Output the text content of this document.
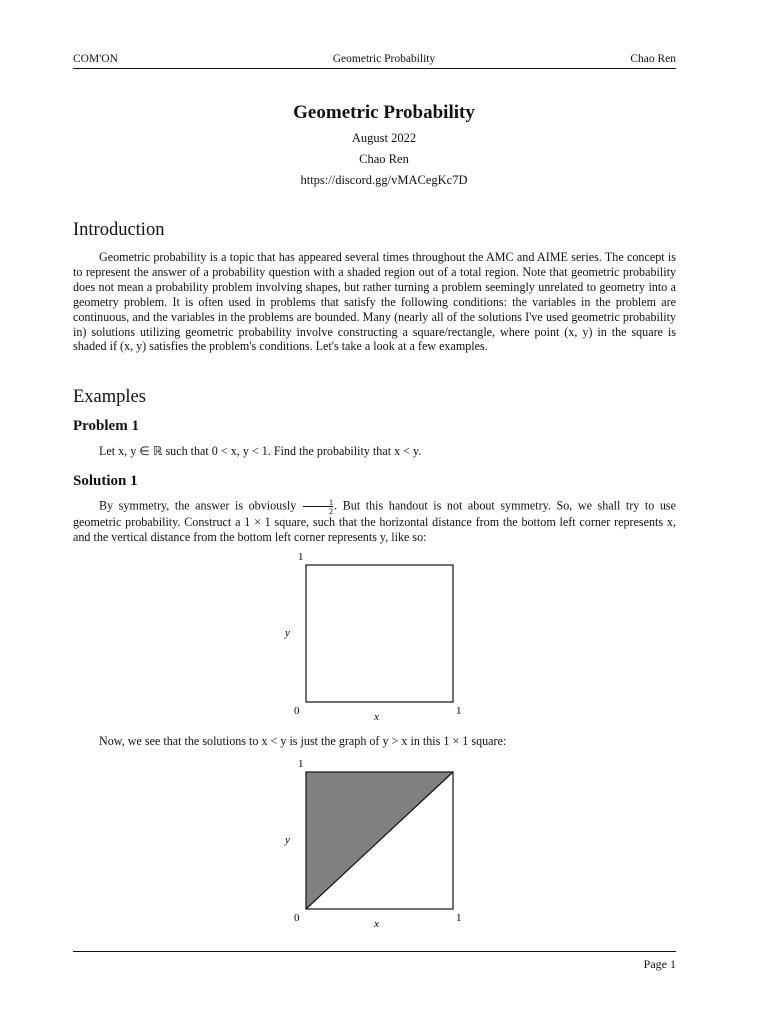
COM'ON	Geometric Probability	Chao Ren
Geometric Probability
August 2022
Chao Ren
https://discord.gg/vMACegKc7D
Introduction
Geometric probability is a topic that has appeared several times throughout the AMC and AIME series. The concept is to represent the answer of a probability question with a shaded region out of a total region. Note that geometric probability does not mean a probability problem involving shapes, but rather turning a problem seemingly unrelated to geometry into a geometry problem. It is often used in problems that satisfy the following conditions: the variables in the problem are continuous, and the variables in the problems are bounded. Many (nearly all of the solutions I've used geometric probability in) solutions utilizing geometric probability involve constructing a square/rectangle, where point (x, y) in the square is shaded if (x, y) satisfies the problem's conditions. Let's take a look at a few examples.
Examples
Problem 1
Let x, y ∈ ℝ such that 0 < x, y < 1. Find the probability that x < y.
Solution 1
By symmetry, the answer is obviously $\frac{1}{2}$ . But this handout is not about symmetry. So, we shall try to use geometric probability. Construct a 1 × 1 square, such that the horizontal distance from the bottom left corner represents x, and the vertical distance from the bottom left corner represents y, like so:
1
0	1
x
y
Now, we see that the solutions to x < y is just the graph of y > x in this 1 × 1 square:
1
0	1
x
y
Page 1
